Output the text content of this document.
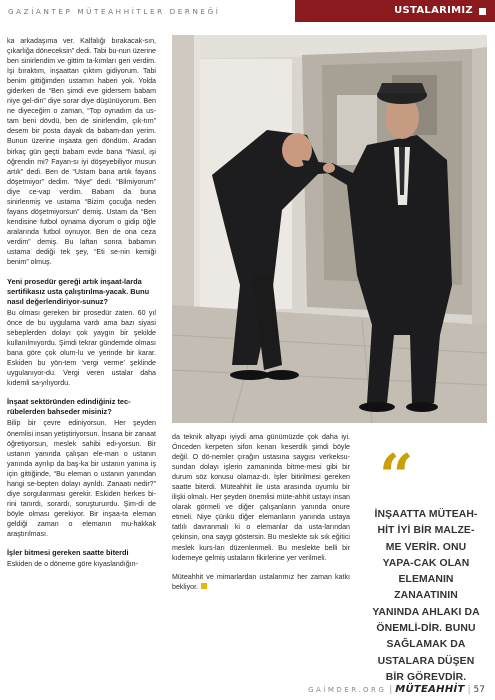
GAZİANTEP MÜTEAHHİTLER DERNEĞİ	USTALARIMIZ

ka arkadaşıma ver. Kalfalığı bırakacak-sın, çıkarlığa döneceksin” dedi. Tabi bu-nun üzerine ben sinirlendim ve gittim ta-kımları geri verdim. İşi bıraktım, inşaattan çıktım gidiyorum. Tabi benim gittiğimden ustamın haberi yok. Yolda giderken de “Ben şimdi eve gidersem babam niye gel-din” diye sorar diye düşünüyorum. Ben ne diyeceğim o zaman, “Top oynadım da us-tam beni dövdü, ben de sinirlendim, çık-tım” desem bir posta dayak da babam-dan yerim. Bunun üzerine inşaata geri döndüm. Aradan birkaç gün geçti babam evde bana “Nasıl, işi öğrendin mi? Fayan-sı iyi döşeyebiliyor musun artık” dedi. Ben de “Ustam bana artık fayans döşetmiyor” dedim. “Niye” dedi. “Bilmiyorum” diye ce-vap verdim. Babam da buna sinirlenmiş ve ustama “Bizim çocuğa neden fayans döşetmiyorsun” demiş. Ustam da “Ben kendisine futbol oynama diyorum o gidip öğle aralarında futbol oynuyor. Ben de ona ceza verdim” demiş. Bu laftan sonra babamın ustama dediği tek şey, “Eti se-nin kemiği benim” olmuş.

Yeni prosedür gereği artık inşaat-larda sertifikasız usta çalıştırılma-yacak. Bunu nasıl değerlendiriyor-sunuz?

Bu olması gereken bir prosedür zaten. 60 yıl önce de bu uygulama vardı ama bazı siyasi sebeplerden dolayı çok yaygın bir şekilde kullanılmıyordu. Şimdi tekrar gündemde olması bana göre çok olum-lu ve yerinde bir karar. Eskiden bu yön-tem ‘vergi verme’ şeklinde uygulanıyor-du. Vergi veren ustalar daha kıdemli sa-yılıyordu.

İnşaat sektöründen edindiğiniz tec-rübelerden bahseder misiniz?

Bilip bir çevre ediniyorsun. Her şeyden önemlisi insan yetiştiriyorsun. İnsana bir zanaat öğretiyorsun, meslek sahibi edi-yorsun. Bir ustanın yanında çalışan ele-man o ustanın yanında ayrılıp da baş-ka bir ustanın yanına iş için gittiğinde, “Bu eleman o ustanın yanından hangi se-bepten dolayı ayrıldı. Zanaatı nedir?” diye sorgulanması gerekir. Eskiden herkes bi-rini tanırdı, sorardı, soruşturuırdu. Şim-di de böyle olması gerekiyor. Bir inşaa-ta eleman geldiği zaman o elemanın mu-hakkak araştırılması.

İşler bitmesi gereken saatte biterdi

Eskiden de o döneme göre kıyaslandığın-

da teknik altyapı iyiydi ama günümüzde çok daha iyi. Önceden kerpeten sifon kenarı keserdik şimdi böyle değil. O dö-nemler çırağın ustasına saygısı verkeksu-sundan dolayı işlerin zamanında bitme-mesi gibi bir durum söz konusu olamaz-dı. İşler bitirilmesi gereken saatte biterdi. Müteahhit ile usta arasında uyumlu bir ilişki olmalı. Her şeyden önemlisi müte-ahhit ustayı insan olarak görmeli ve diğer çalışanların yanında onure etmeli. Niye çünkü diğer elemanların yanında ustaya tatlılı davranmalı ki o elemanlar da usta-larından çekinsin, ona saygı göstersin. Bu meslekte sık sık eğitici meslek kurs-ları düzenlenmeli. Bu meslekte belli bir kıdemeye gelmiş ustaların fikirlerine yer verilmeli.

Müteahhit ve mimarlardan ustalarımız her zaman katkı bekliyor.

“
İNŞAATTA MÜTEAH-HİT İYİ BİR MALZE-ME VERİR. ONU YAPA-CAK OLAN ELEMANIN ZANAATININ YANINDA AHLAKI DA ÖNEMLİ-DİR. BUNU SAĞLAMAK DA USTALARA DÜŞEN BİR GÖREVDİR.
GAİMDER.ORG | MÜTEAHHİT | 57
